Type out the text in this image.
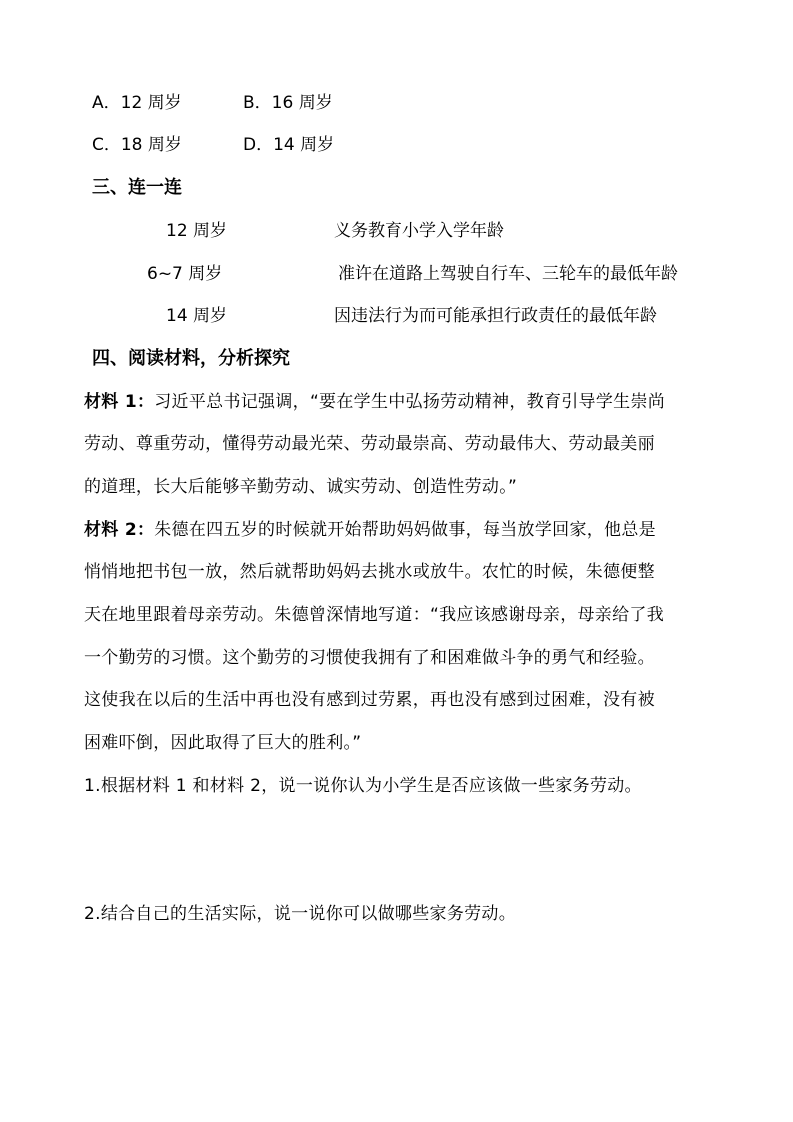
A．12 周岁	B．16 周岁
C．18 周岁	D．14 周岁
三、连一连
12 周岁	义务教育小学入学年龄
6~7 周岁	准许在道路上驾驶自行车、三轮车的最低年龄
14 周岁	因违法行为而可能承担行政责任的最低年龄
四、阅读材料，分析探究
材料 1：习近平总书记强调，“要在学生中弘扬劳动精神，教育引导学生崇尚
劳动、尊重劳动，懂得劳动最光荣、劳动最崇高、劳动最伟大、劳动最美丽
的道理，长大后能够辛勤劳动、诚实劳动、创造性劳动。”
材料 2：朱德在四五岁的时候就开始帮助妈妈做事，每当放学回家，他总是
悄悄地把书包一放，然后就帮助妈妈去挑水或放牛。农忙的时候，朱德便整
天在地里跟着母亲劳动。朱德曾深情地写道：“我应该感谢母亲，母亲给了我
一个勤劳的习惯。这个勤劳的习惯使我拥有了和困难做斗争的勇气和经验。
这使我在以后的生活中再也没有感到过劳累，再也没有感到过困难，没有被
困难吓倒，因此取得了巨大的胜利。”
1.根据材料 1 和材料 2，说一说你认为小学生是否应该做一些家务劳动。
2.结合自己的生活实际，说一说你可以做哪些家务劳动。
